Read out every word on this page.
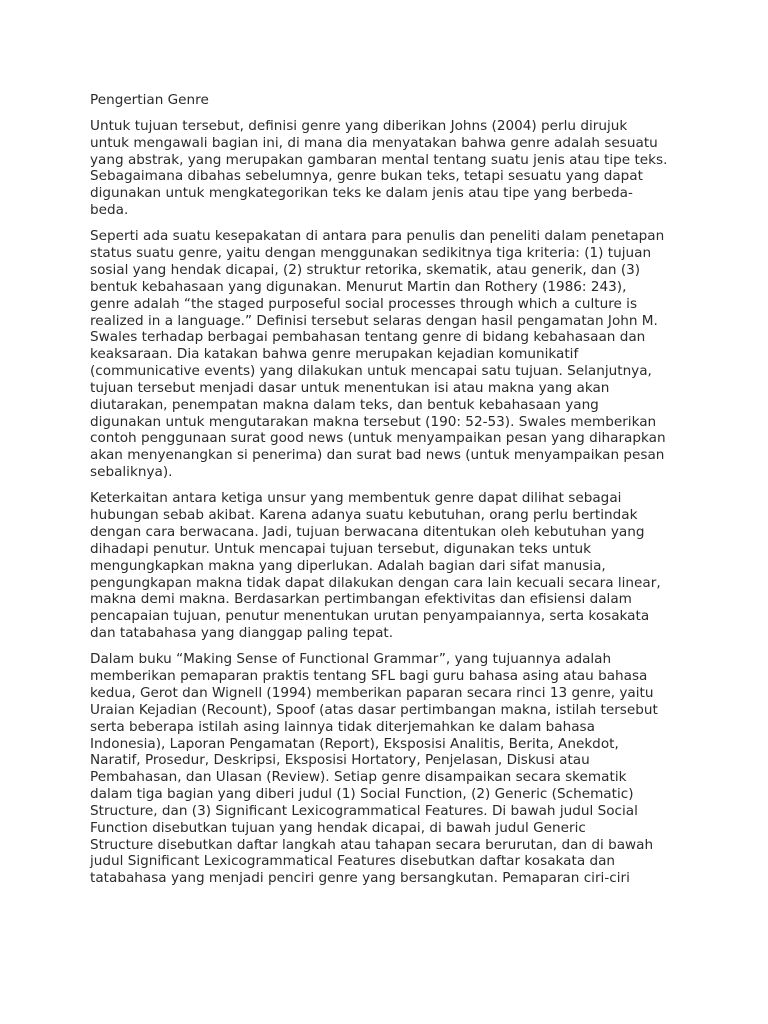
Pengertian Genre

Untuk tujuan tersebut, definisi genre yang diberikan Johns (2004) perlu dirujuk
untuk mengawali bagian ini, di mana dia menyatakan bahwa genre adalah sesuatu
yang abstrak, yang merupakan gambaran mental tentang suatu jenis atau tipe teks.
Sebagaimana dibahas sebelumnya, genre bukan teks, tetapi sesuatu yang dapat
digunakan untuk mengkategorikan teks ke dalam jenis atau tipe yang berbeda-
beda.

Seperti ada suatu kesepakatan di antara para penulis dan peneliti dalam penetapan
status suatu genre, yaitu dengan menggunakan sedikitnya tiga kriteria: (1) tujuan
sosial yang hendak dicapai, (2) struktur retorika, skematik, atau generik, dan (3)
bentuk kebahasaan yang digunakan. Menurut Martin dan Rothery (1986: 243),
genre adalah “the staged purposeful social processes through which a culture is
realized in a language.” Definisi tersebut selaras dengan hasil pengamatan John M.
Swales terhadap berbagai pembahasan tentang genre di bidang kebahasaan dan
keaksaraan. Dia katakan bahwa genre merupakan kejadian komunikatif
(communicative events) yang dilakukan untuk mencapai satu tujuan. Selanjutnya,
tujuan tersebut menjadi dasar untuk menentukan isi atau makna yang akan
diutarakan, penempatan makna dalam teks, dan bentuk kebahasaan yang
digunakan untuk mengutarakan makna tersebut (190: 52-53). Swales memberikan
contoh penggunaan surat good news (untuk menyampaikan pesan yang diharapkan
akan menyenangkan si penerima) dan surat bad news (untuk menyampaikan pesan
sebaliknya).

Keterkaitan antara ketiga unsur yang membentuk genre dapat dilihat sebagai
hubungan sebab akibat. Karena adanya suatu kebutuhan, orang perlu bertindak
dengan cara berwacana. Jadi, tujuan berwacana ditentukan oleh kebutuhan yang
dihadapi penutur. Untuk mencapai tujuan tersebut, digunakan teks untuk
mengungkapkan makna yang diperlukan. Adalah bagian dari sifat manusia,
pengungkapan makna tidak dapat dilakukan dengan cara lain kecuali secara linear,
makna demi makna. Berdasarkan pertimbangan efektivitas dan efisiensi dalam
pencapaian tujuan, penutur menentukan urutan penyampaiannya, serta kosakata
dan tatabahasa yang dianggap paling tepat.

Dalam buku “Making Sense of Functional Grammar”, yang tujuannya adalah
memberikan pemaparan praktis tentang SFL bagi guru bahasa asing atau bahasa
kedua, Gerot dan Wignell (1994) memberikan paparan secara rinci 13 genre, yaitu
Uraian Kejadian (Recount), Spoof (atas dasar pertimbangan makna, istilah tersebut
serta beberapa istilah asing lainnya tidak diterjemahkan ke dalam bahasa
Indonesia), Laporan Pengamatan (Report), Eksposisi Analitis, Berita, Anekdot,
Naratif, Prosedur, Deskripsi, Eksposisi Hortatory, Penjelasan, Diskusi atau
Pembahasan, dan Ulasan (Review). Setiap genre disampaikan secara skematik
dalam tiga bagian yang diberi judul (1) Social Function, (2) Generic (Schematic)
Structure, dan (3) Significant Lexicogrammatical Features. Di bawah judul Social
Function disebutkan tujuan yang hendak dicapai, di bawah judul Generic
Structure disebutkan daftar langkah atau tahapan secara berurutan, dan di bawah
judul Significant Lexicogrammatical Features disebutkan daftar kosakata dan
tatabahasa yang menjadi penciri genre yang bersangkutan. Pemaparan ciri-ciri
